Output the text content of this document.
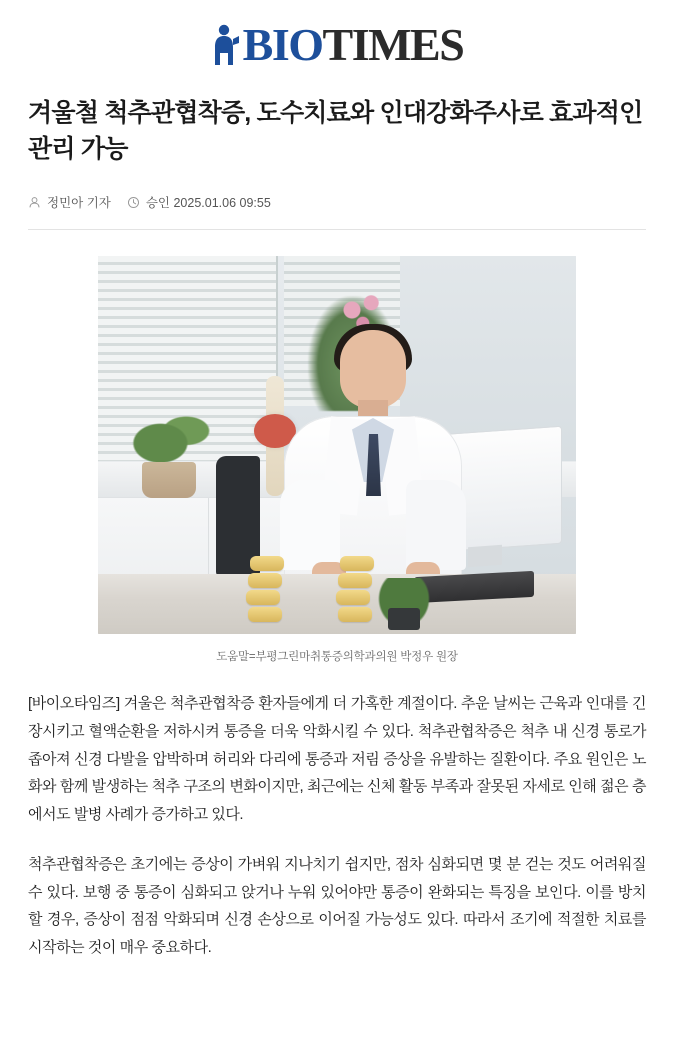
BIO TIMES
겨울철 척추관협착증, 도수치료와 인대강화주사로 효과적인 관리 가능
정민아 기자	승인 2025.01.06 09:55
도움말=부평그린마취통증의학과의원 박정우 원장

[바이오타임즈] 겨울은 척추관협착증 환자들에게 더 가혹한 계절이다. 추운 날씨는 근육과 인대를 긴장시키고 혈액순환을 저하시켜 통증을 더욱 악화시킬 수 있다. 척추관협착증은 척추 내 신경 통로가 좁아져 신경 다발을 압박하며 허리와 다리에 통증과 저림 증상을 유발하는 질환이다. 주요 원인은 노화와 함께 발생하는 척추 구조의 변화이지만, 최근에는 신체 활동 부족과 잘못된 자세로 인해 젊은 층에서도 발병 사례가 증가하고 있다.

척추관협착증은 초기에는 증상이 가벼워 지나치기 쉽지만, 점차 심화되면 몇 분 걷는 것도 어려워질 수 있다. 보행 중 통증이 심화되고 앉거나 누워 있어야만 통증이 완화되는 특징을 보인다. 이를 방치할 경우, 증상이 점점 악화되며 신경 손상으로 이어질 가능성도 있다. 따라서 조기에 적절한 치료를 시작하는 것이 매우 중요하다.
